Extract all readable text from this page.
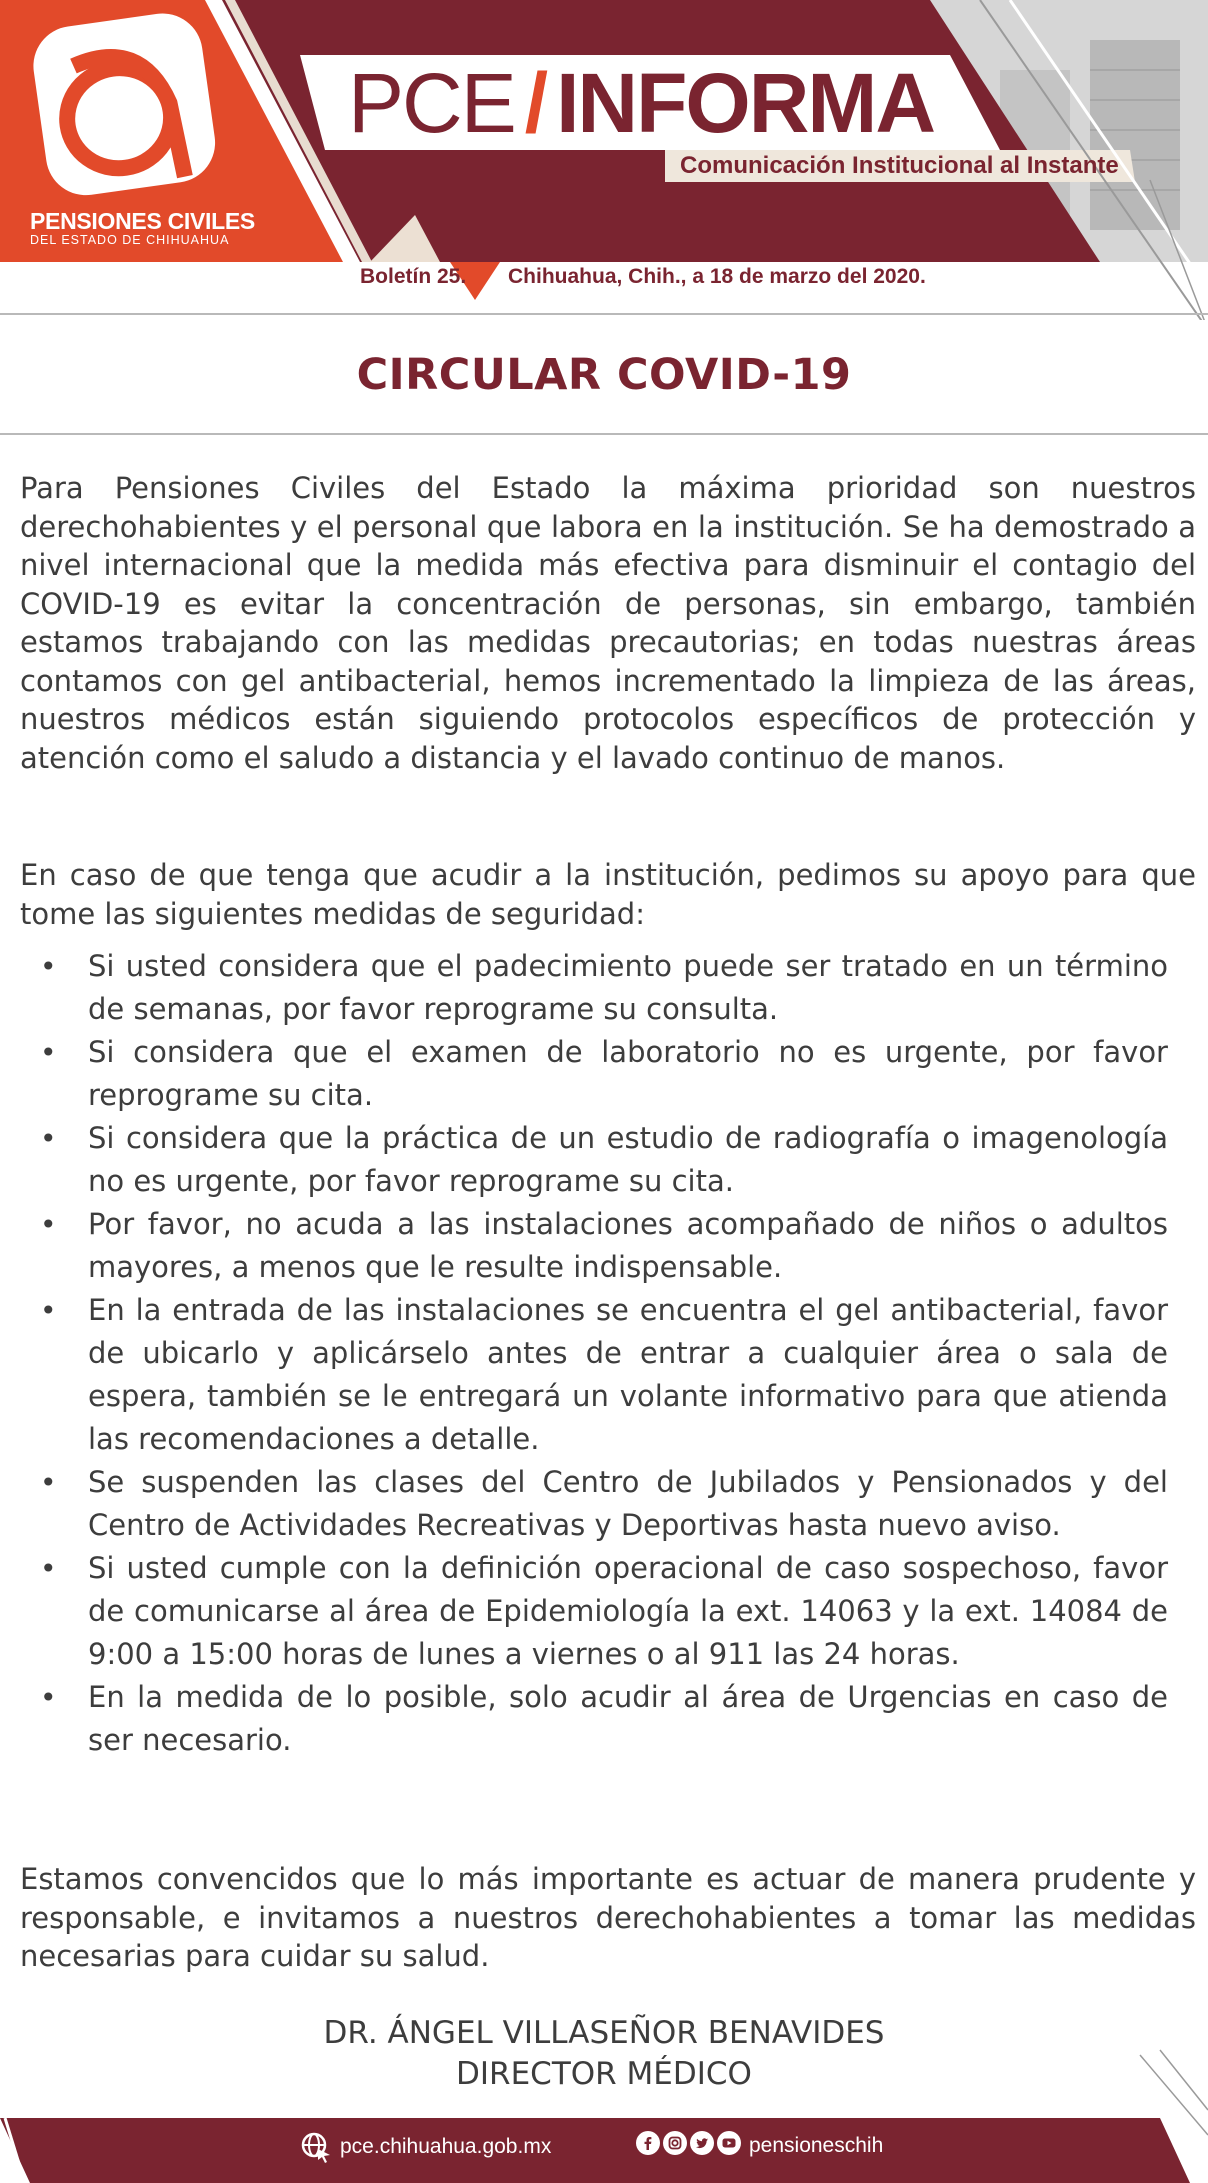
PENSIONES CIVILES
DEL ESTADO DE CHIHUAHUA
PCE / INFORMA
Comunicación Institucional al Instante
Boletín 25. Chihuahua, Chih., a 18 de marzo del 2020.
CIRCULAR COVID-19

Para Pensiones Civiles del Estado la máxima prioridad son nuestros derechohabientes y el personal que labora en la institución. Se ha demostrado a nivel internacional que la medida más efectiva para disminuir el contagio del COVID-19 es evitar la concentración de personas, sin embargo, también estamos trabajando con las medidas precautorias; en todas nuestras áreas contamos con gel antibacterial, hemos incrementado la limpieza de las áreas, nuestros médicos están siguiendo protocolos específicos de protección y atención como el saludo a distancia y el lavado continuo de manos.

En caso de que tenga que acudir a la institución, pedimos su apoyo para que tome las siguientes medidas de seguridad:

• Si usted considera que el padecimiento puede ser tratado en un término de semanas, por favor reprograme su consulta.
• Si considera que el examen de laboratorio no es urgente, por favor reprograme su cita.
• Si considera que la práctica de un estudio de radiografía o imagenología no es urgente, por favor reprograme su cita.
• Por favor, no acuda a las instalaciones acompañado de niños o adultos mayores, a menos que le resulte indispensable.
• En la entrada de las instalaciones se encuentra el gel antibacterial, favor de ubicarlo y aplicárselo antes de entrar a cualquier área o sala de espera, también se le entregará un volante informativo para que atienda las recomendaciones a detalle.
• Se suspenden las clases del Centro de Jubilados y Pensionados y del Centro de Actividades Recreativas y Deportivas hasta nuevo aviso.
• Si usted cumple con la definición operacional de caso sospechoso, favor de comunicarse al área de Epidemiología la ext. 14063 y la ext. 14084 de 9:00 a 15:00 horas de lunes a viernes o al 911 las 24 horas.
• En la medida de lo posible, solo acudir al área de Urgencias en caso de ser necesario.

Estamos convencidos que lo más importante es actuar de manera prudente y responsable, e invitamos a nuestros derechohabientes a tomar las medidas necesarias para cuidar su salud.

DR. ÁNGEL VILLASEÑOR BENAVIDES
DIRECTOR MÉDICO
pce.chihuahua.gob.mx	pensioneschih
